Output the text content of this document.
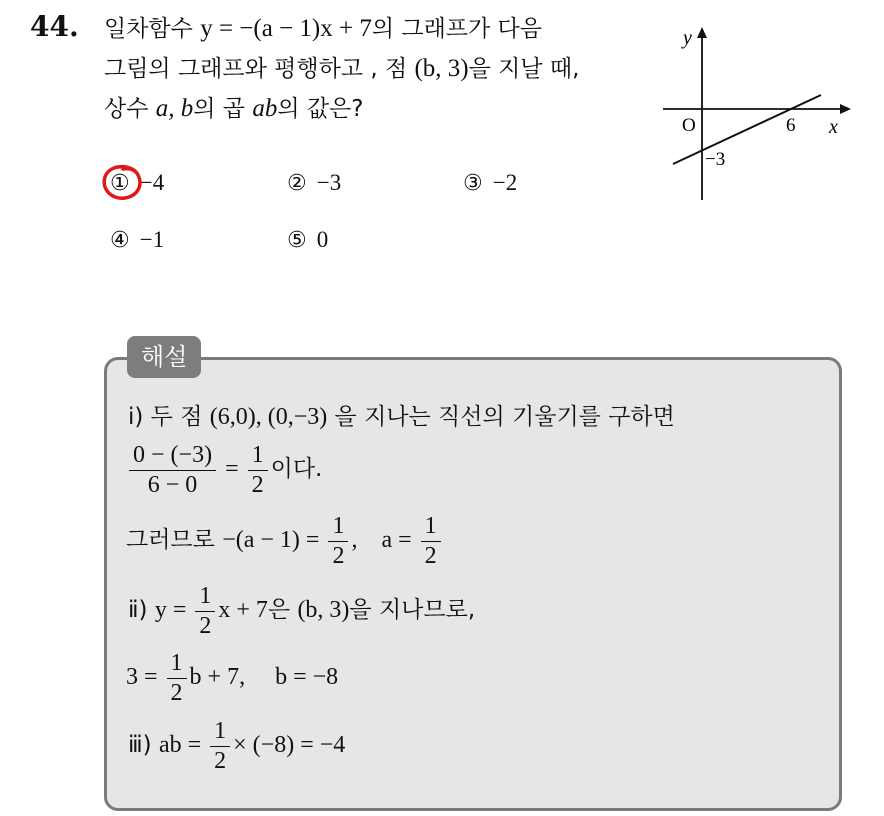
44. 일차함수 y = −(a − 1)x + 7의 그래프가 다음
그림의 그래프와 평행하고 , 점 (b, 3)을 지날 때,
상수 a, b의 곱 ab의 값은?
① −4	② −3	③ −2
④ −1	⑤ 0
y
x
O	6
−3
해설
ⅰ) 두 점 (6,0), (0,−3) 을 지나는 직선의 기울기를 구하면
$\frac{0 - (-3)}{6 - 0} = \frac{1}{2}$ 이다.
그러므로 $-(a - 1) = \frac{1}{2}$ ,    $a = \frac{1}{2}$
ⅱ) $y = \frac{1}{2}$ x + 7은 (b, 3)을 지나므로,
$3 = \frac{1}{2}$ b + 7,     b = −8
ⅲ) ab = $\frac{1}{2} \times (-8) = -4$
